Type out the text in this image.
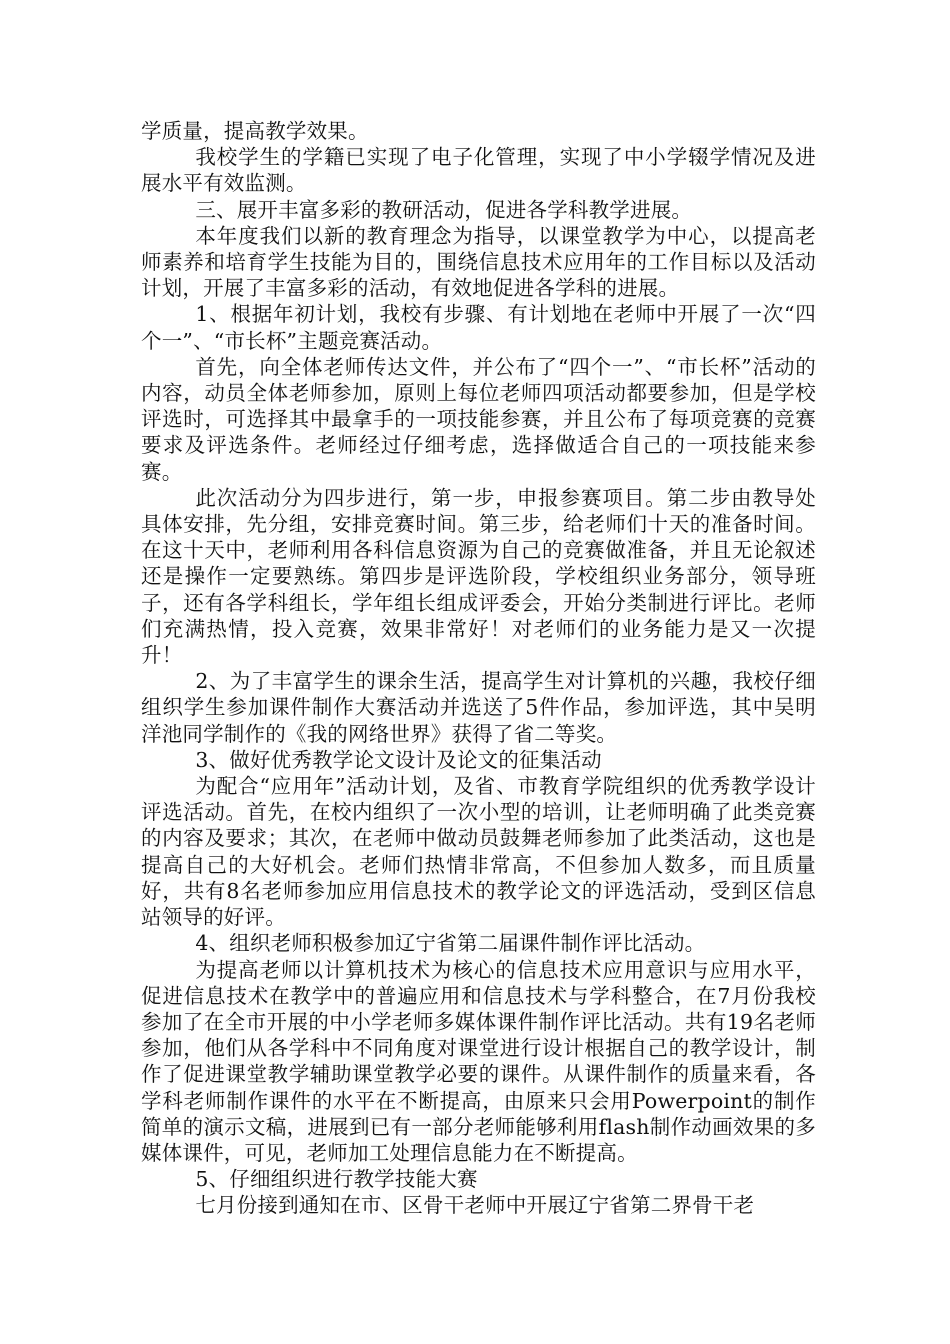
学质量，提高教学效果。

我校学生的学籍已实现了电子化管理，实现了中小学辍学情况及进展水平有效监测。

三、展开丰富多彩的教研活动，促进各学科教学进展。

本年度我们以新的教育理念为指导，以课堂教学为中心，以提高老师素养和培育学生技能为目的，围绕信息技术应用年的工作目标以及活动计划，开展了丰富多彩的活动，有效地促进各学科的进展。

1、根据年初计划，我校有步骤、有计划地在老师中开展了一次“四个一”、“市长杯”主题竞赛活动。

首先，向全体老师传达文件，并公布了“四个一”、“市长杯”活动的内容，动员全体老师参加，原则上每位老师四项活动都要参加，但是学校评选时，可选择其中最拿手的一项技能参赛，并且公布了每项竞赛的竞赛要求及评选条件。老师经过仔细考虑，选择做适合自己的一项技能来参赛。

此次活动分为四步进行，第一步，申报参赛项目。第二步由教导处具体安排，先分组，安排竞赛时间。第三步，给老师们十天的准备时间。在这十天中，老师利用各科信息资源为自己的竞赛做准备，并且无论叙述还是操作一定要熟练。第四步是评选阶段，学校组织业务部分，领导班子，还有各学科组长，学年组长组成评委会，开始分类制进行评比。老师们充满热情，投入竞赛，效果非常好！对老师们的业务能力是又一次提升！

2、为了丰富学生的课余生活，提高学生对计算机的兴趣，我校仔细组织学生参加课件制作大赛活动并选送了5件作品，参加评选，其中吴明洋池同学制作的《我的网络世界》获得了省二等奖。

3、做好优秀教学论文设计及论文的征集活动

为配合“应用年”活动计划，及省、市教育学院组织的优秀教学设计评选活动。首先，在校内组织了一次小型的培训，让老师明确了此类竞赛的内容及要求；其次，在老师中做动员鼓舞老师参加了此类活动，这也是提高自己的大好机会。老师们热情非常高，不但参加人数多，而且质量好，共有8名老师参加应用信息技术的教学论文的评选活动，受到区信息站领导的好评。

4、组织老师积极参加辽宁省第二届课件制作评比活动。

为提高老师以计算机技术为核心的信息技术应用意识与应用水平，促进信息技术在教学中的普遍应用和信息技术与学科整合，在7月份我校参加了在全市开展的中小学老师多媒体课件制作评比活动。共有19名老师参加，他们从各学科中不同角度对课堂进行设计根据自己的教学设计，制作了促进课堂教学辅助课堂教学必要的课件。从课件制作的质量来看，各学科老师制作课件的水平在不断提高，由原来只会用Powerpoint的制作简单的演示文稿，进展到已有一部分老师能够利用flash制作动画效果的多媒体课件，可见，老师加工处理信息能力在不断提高。

5、仔细组织进行教学技能大赛

七月份接到通知在市、区骨干老师中开展辽宁省第二界骨干老
